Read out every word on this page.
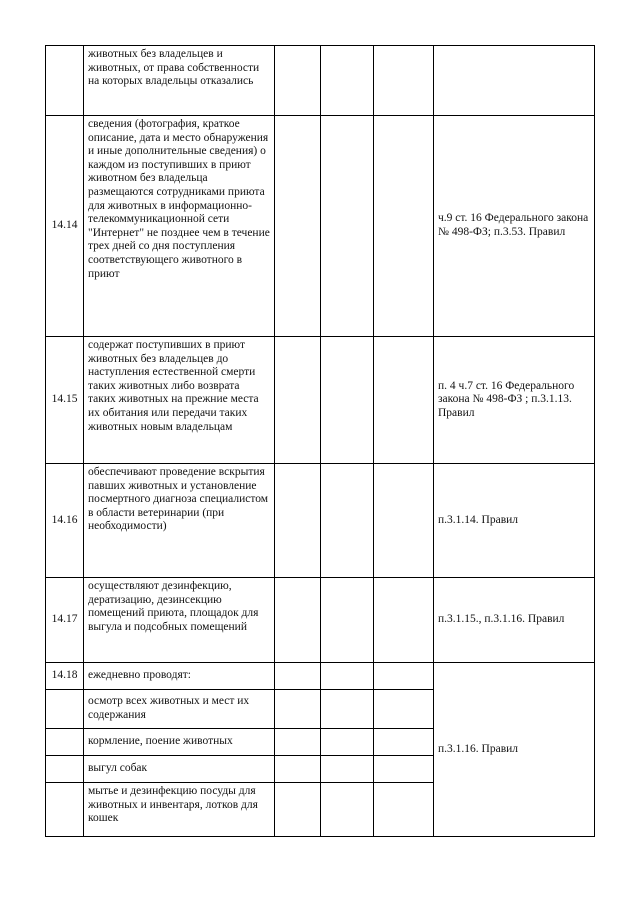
	животных без владельцев и животных, от права собственности на которых владельцы отказались				
14.14	сведения (фотография, краткое описание, дата и место обнаружения и иные дополнительные сведения) о каждом из поступивших в приют животном без владельца размещаются сотрудниками приюта для животных в информационно-телекоммуникационной сети "Интернет" не позднее чем в течение трех дней со дня поступления соответствующего животного в приют				ч.9 ст. 16 Федерального закона № 498-ФЗ; п.3.53. Правил
14.15	содержат поступивших в приют животных без владельцев до наступления естественной смерти таких животных либо возврата таких животных на прежние места их обитания или передачи таких животных новым владельцам				п. 4 ч.7 ст. 16 Федерального закона № 498-ФЗ ; п.3.1.13. Правил
14.16	обеспечивают проведение вскрытия павших животных и установление посмертного диагноза специалистом в области ветеринарии (при необходимости)				п.3.1.14. Правил
14.17	осуществляют дезинфекцию, дератизацию, дезинсекцию помещений приюта, площадок для выгула и подсобных помещений				п.3.1.15., п.3.1.16. Правил
14.18	ежедневно проводят:				п.3.1.16. Правил
	осмотр всех животных и мест их содержания				
	кормление, поение животных				
	выгул собак				
	мытье и дезинфекцию посуды для животных и инвентаря, лотков для кошек				
